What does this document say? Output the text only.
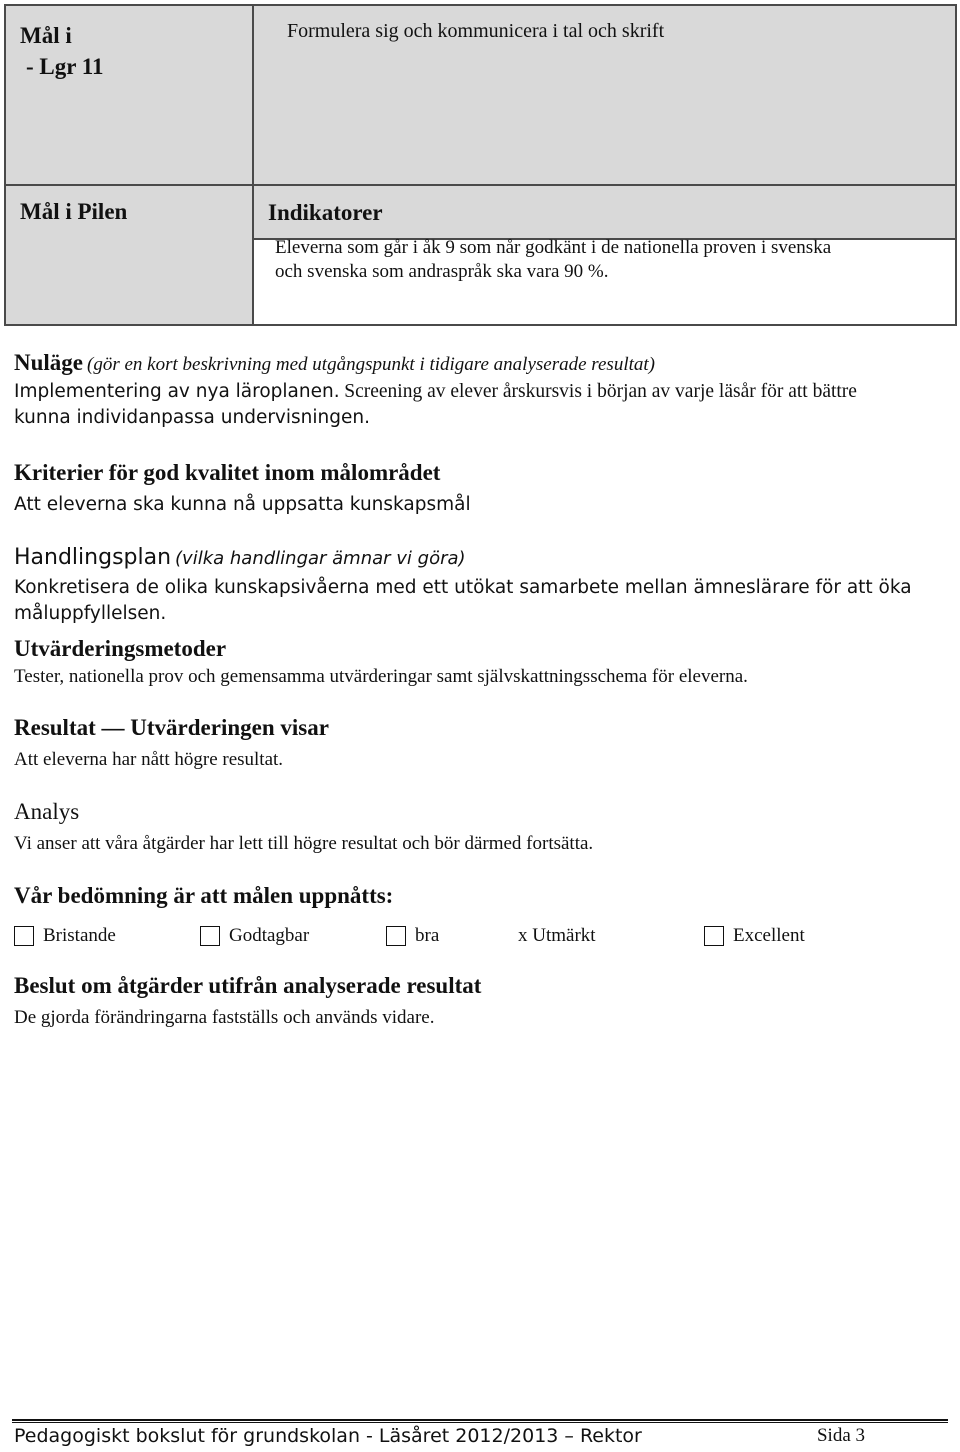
Mål i
- Lgr 11	Formulera sig och kommunicera i tal och skrift

Mål i Pilen	Indikatorer

	Eleverna som går i åk 9 som når godkänt i de nationella proven i svenska
och svenska som andraspråk ska vara 90 %.
Nuläge (gör en kort beskrivning med utgångspunkt i tidigare analyserade resultat)
Implementering av nya läroplanen. Screening av elever årskursvis i början av varje läsår för att bättre
kunna individanpassa undervisningen.
Kriterier för god kvalitet inom målområdet
Att eleverna ska kunna nå uppsatta kunskapsmål
Handlingsplan (vilka handlingar ämnar vi göra)
Konkretisera de olika kunskapsivåerna med ett utökat samarbete mellan ämneslärare för att öka
måluppfyllelsen.
Utvärderingsmetoder
Tester, nationella prov och gemensamma utvärderingar samt självskattningsschema för eleverna.
Resultat — Utvärderingen visar
Att eleverna har nått högre resultat.
Analys
Vi anser att våra åtgärder har lett till högre resultat och bör därmed fortsätta.
Vår bedömning är att målen uppnåtts:
Bristande	Godtagbar	bra	x Utmärkt	Excellent
Beslut om åtgärder utifrån analyserade resultat
De gjorda förändringarna fastställs och används vidare.
Pedagogiskt bokslut för grundskolan - Läsåret 2012/2013 – Rektor	Sida 3
